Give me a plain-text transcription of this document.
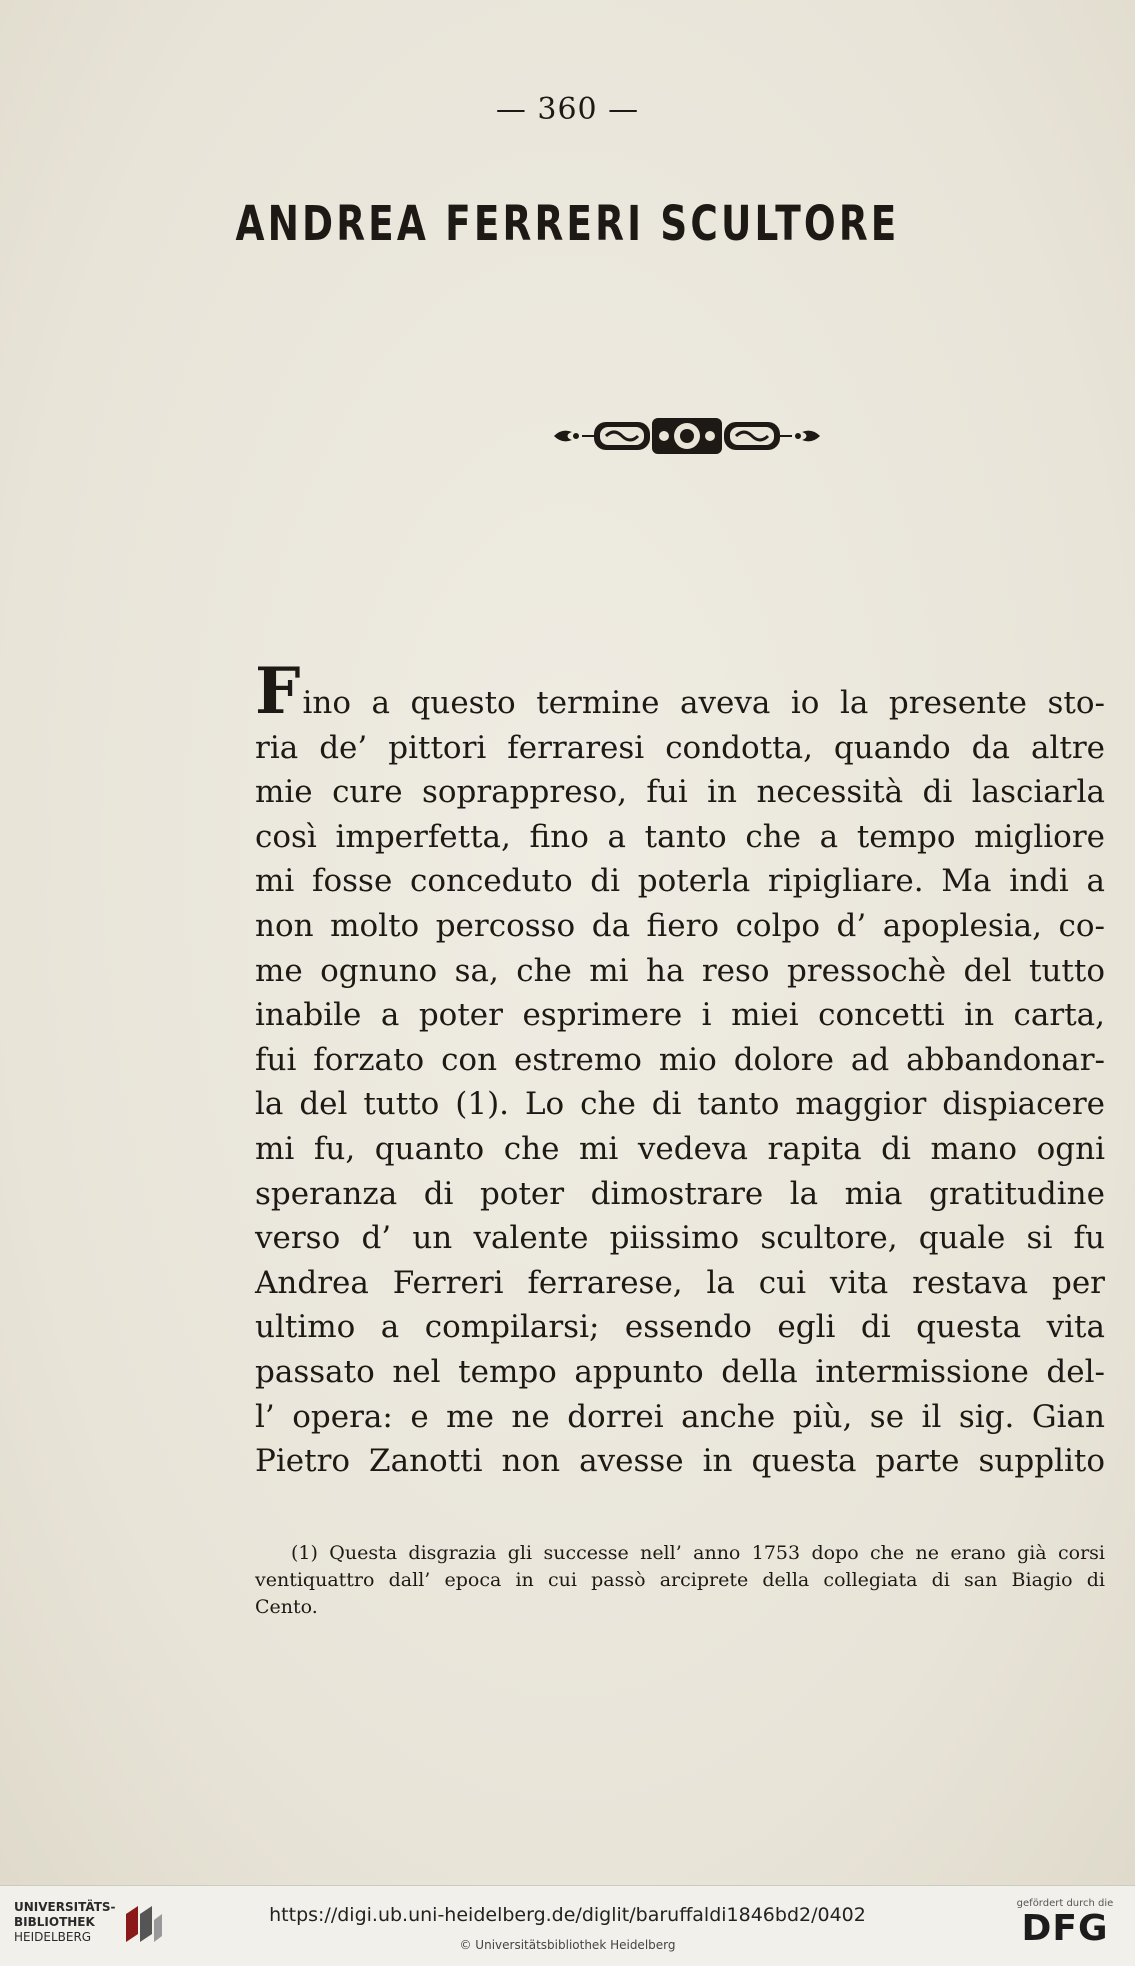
— 360 —
ANDREA FERRERI SCULTORE
Fino a questo termine aveva io la presente sto-
ria de’ pittori ferraresi condotta, quando da altre
mie cure soprappreso, fui in necessità di lasciarla
così imperfetta, fino a tanto che a tempo migliore
mi fosse conceduto di poterla ripigliare. Ma indi a
non molto percosso da fiero colpo d’ apoplesia, co-
me ognuno sa, che mi ha reso pressochè del tutto
inabile a poter esprimere i miei concetti in carta,
fui forzato con estremo mio dolore ad abbandonar-
la del tutto (1). Lo che di tanto maggior dispiacere
mi fu, quanto che mi vedeva rapita di mano ogni
speranza di poter dimostrare la mia gratitudine
verso d’ un valente piissimo scultore, quale si fu
Andrea Ferreri ferrarese, la cui vita restava per
ultimo a compilarsi; essendo egli di questa vita
passato nel tempo appunto della intermissione del-
l’ opera: e me ne dorrei anche più, se il sig. Gian
Pietro Zanotti non avesse in questa parte supplito
(1) Questa disgrazia gli successe nell’ anno 1753 dopo che ne erano già corsi
ventiquattro dall’ epoca in cui passò arciprete della collegiata di san Biagio di
Cento.
UNIVERSITÄTS-
BIBLIOTHEK
HEIDELBERG
https://digi.ub.uni-heidelberg.de/diglit/baruffaldi1846bd2/0402
© Universitätsbibliothek Heidelberg
gefördert durch die
DFG
